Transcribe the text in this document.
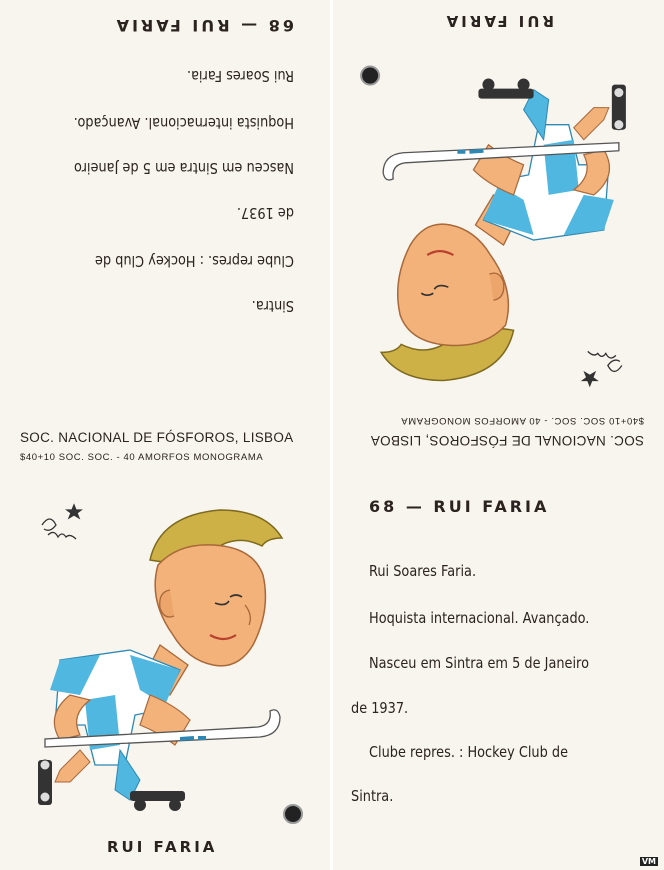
68 — RUI FARIA
Rui Soares Faria.
Hoquista internacional. Avançado.
Nasceu em Sintra em 5 de Janeiro
de 1937.
Clube repres. : Hockey Club de
Sintra.
SOC. NACIONAL DE FÓSFOROS, LISBOA
$40+10 SOC. SOC. - 40 AMORFOS MONOGRAMA
RUI FARIA
RUI FARIA
SOC. NACIONAL DE FÓSFOROS, LISBOA
$40+10 SOC. SOC. - 40 AMORFOS MONOGRAMA
68 — RUI FARIA
Rui Soares Faria.
Hoquista internacional. Avançado.
Nasceu em Sintra em 5 de Janeiro
de 1937.
Clube repres. : Hockey Club de
Sintra.
VM
